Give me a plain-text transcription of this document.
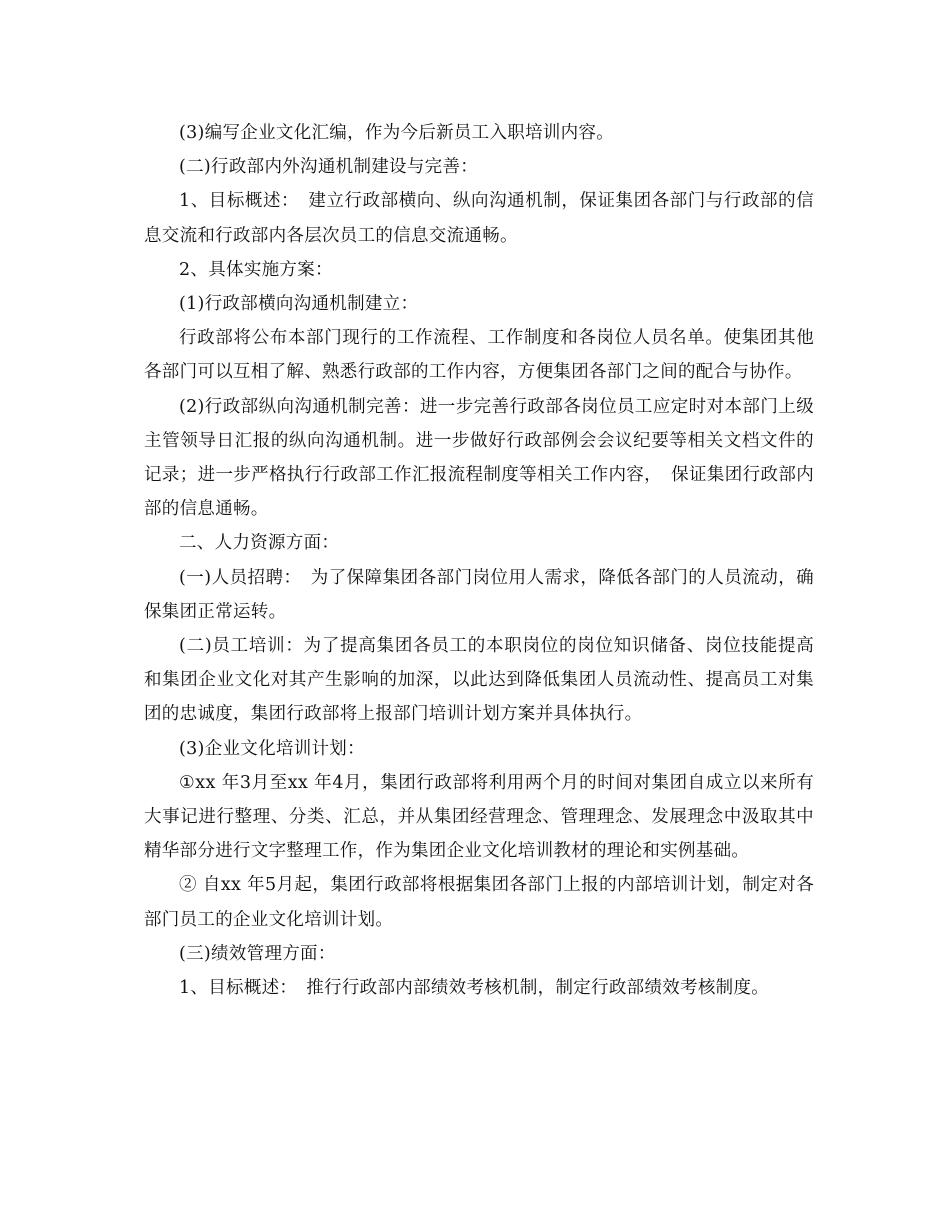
(3)编写企业文化汇编，作为今后新员工入职培训内容。

(二)行政部内外沟通机制建设与完善：

1、目标概述：　建立行政部横向、纵向沟通机制，保证集团各部门与行政部的信息交流和行政部内各层次员工的信息交流通畅。

2、具体实施方案：

(1)行政部横向沟通机制建立：

行政部将公布本部门现行的工作流程、工作制度和各岗位人员名单。使集团其他各部门可以互相了解、熟悉行政部的工作内容，方便集团各部门之间的配合与协作。

(2)行政部纵向沟通机制完善：进一步完善行政部各岗位员工应定时对本部门上级主管领导日汇报的纵向沟通机制。进一步做好行政部例会会议纪要等相关文档文件的记录；进一步严格执行行政部工作汇报流程制度等相关工作内容，　保证集团行政部内部的信息通畅。

二、人力资源方面：

(一)人员招聘：　为了保障集团各部门岗位用人需求，降低各部门的人员流动，确保集团正常运转。

(二)员工培训：为了提高集团各员工的本职岗位的岗位知识储备、岗位技能提高和集团企业文化对其产生影响的加深，以此达到降低集团人员流动性、提高员工对集团的忠诚度，集团行政部将上报部门培训计划方案并具体执行。

(3)企业文化培训计划：

①xx 年3月至xx 年4月，集团行政部将利用两个月的时间对集团自成立以来所有大事记进行整理、分类、汇总，并从集团经营理念、管理理念、发展理念中汲取其中精华部分进行文字整理工作，作为集团企业文化培训教材的理论和实例基础。

② 自xx 年5月起，集团行政部将根据集团各部门上报的内部培训计划，制定对各部门员工的企业文化培训计划。

(三)绩效管理方面：

1、目标概述：　推行行政部内部绩效考核机制，制定行政部绩效考核制度。
